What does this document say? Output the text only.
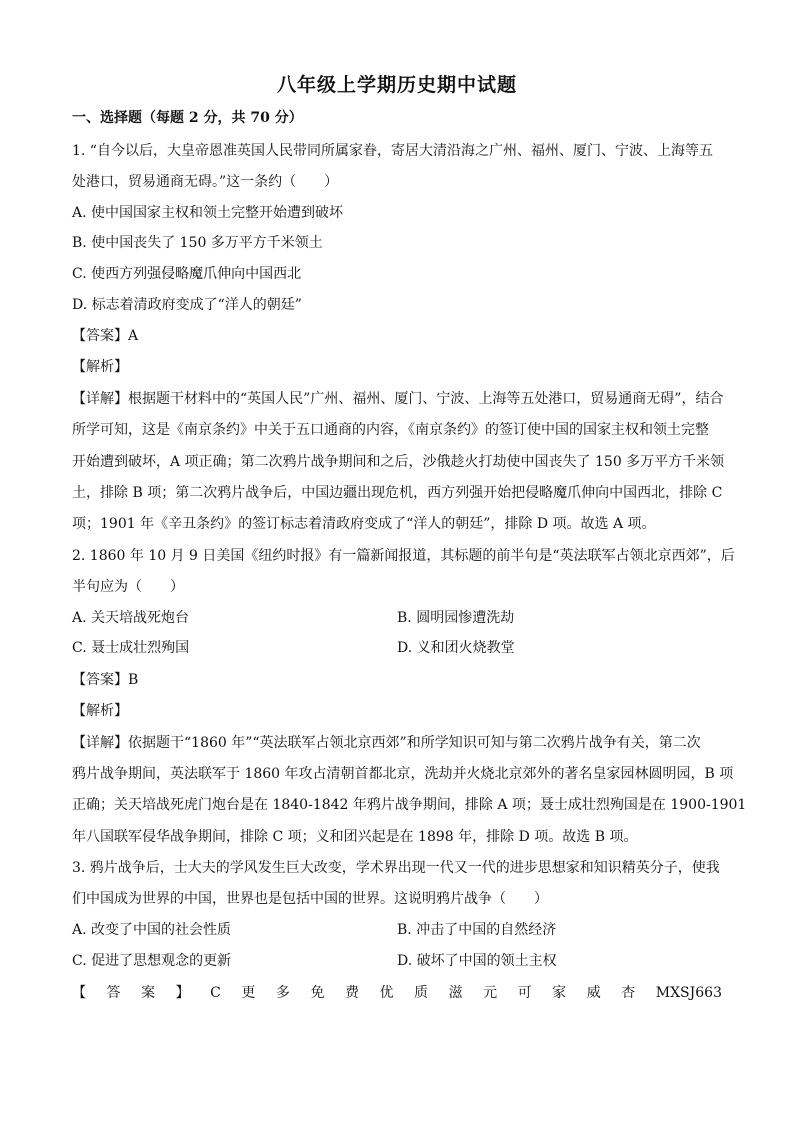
八年级上学期历史期中试题
一、选择题（每题 2 分，共 70 分）
1. “自今以后，大皇帝恩准英国人民带同所属家眷，寄居大清沿海之广州、福州、厦门、宁波、上海等五
处港口，贸易通商无碍。”这一条约（　　）
A. 使中国国家主权和领土完整开始遭到破坏
B. 使中国丧失了 150 多万平方千米领土
C. 使西方列强侵略魔爪伸向中国西北
D. 标志着清政府变成了“洋人的朝廷”
【答案】A
【解析】
【详解】根据题干材料中的“英国人民”广州、福州、厦门、宁波、上海等五处港口，贸易通商无碍”，结合
所学可知，这是《南京条约》中关于五口通商的内容，《南京条约》的签订使中国的国家主权和领土完整
开始遭到破坏，A 项正确；第二次鸦片战争期间和之后，沙俄趁火打劫使中国丧失了 150 多万平方千米领
土，排除 B 项；第二次鸦片战争后，中国边疆出现危机，西方列强开始把侵略魔爪伸向中国西北，排除 C
项；1901 年《辛丑条约》的签订标志着清政府变成了“洋人的朝廷”，排除 D 项。故选 A 项。
2. 1860 年 10 月 9 日美国《纽约时报》有一篇新闻报道，其标题的前半句是“英法联军占领北京西郊”，后
半句应为（　　）
A. 关天培战死炮台	B. 圆明园惨遭洗劫
C. 聂士成壮烈殉国	D. 义和团火烧教堂
【答案】B
【解析】
【详解】依据题干“1860 年”“英法联军占领北京西郊”和所学知识可知与第二次鸦片战争有关，第二次
鸦片战争期间，英法联军于 1860 年攻占清朝首都北京，洗劫并火烧北京郊外的著名皇家园林圆明园，B 项
正确；关天培战死虎门炮台是在 1840-1842 年鸦片战争期间，排除 A 项；聂士成壮烈殉国是在 1900-1901
年八国联军侵华战争期间，排除 C 项；义和团兴起是在 1898 年，排除 D 项。故选 B 项。
3. 鸦片战争后，士大夫的学风发生巨大改变，学术界出现一代又一代的进步思想家和知识精英分子，使我
们中国成为世界的中国，世界也是包括中国的世界。这说明鸦片战争（　　）
A. 改变了中国的社会性质	B. 冲击了中国的自然经济
C. 促进了思想观念的更新	D. 破坏了中国的领土主权
【 答 案 】 C 更 多 免 费 优 质 滋 元 可 家 威 杏 MXSJ663
